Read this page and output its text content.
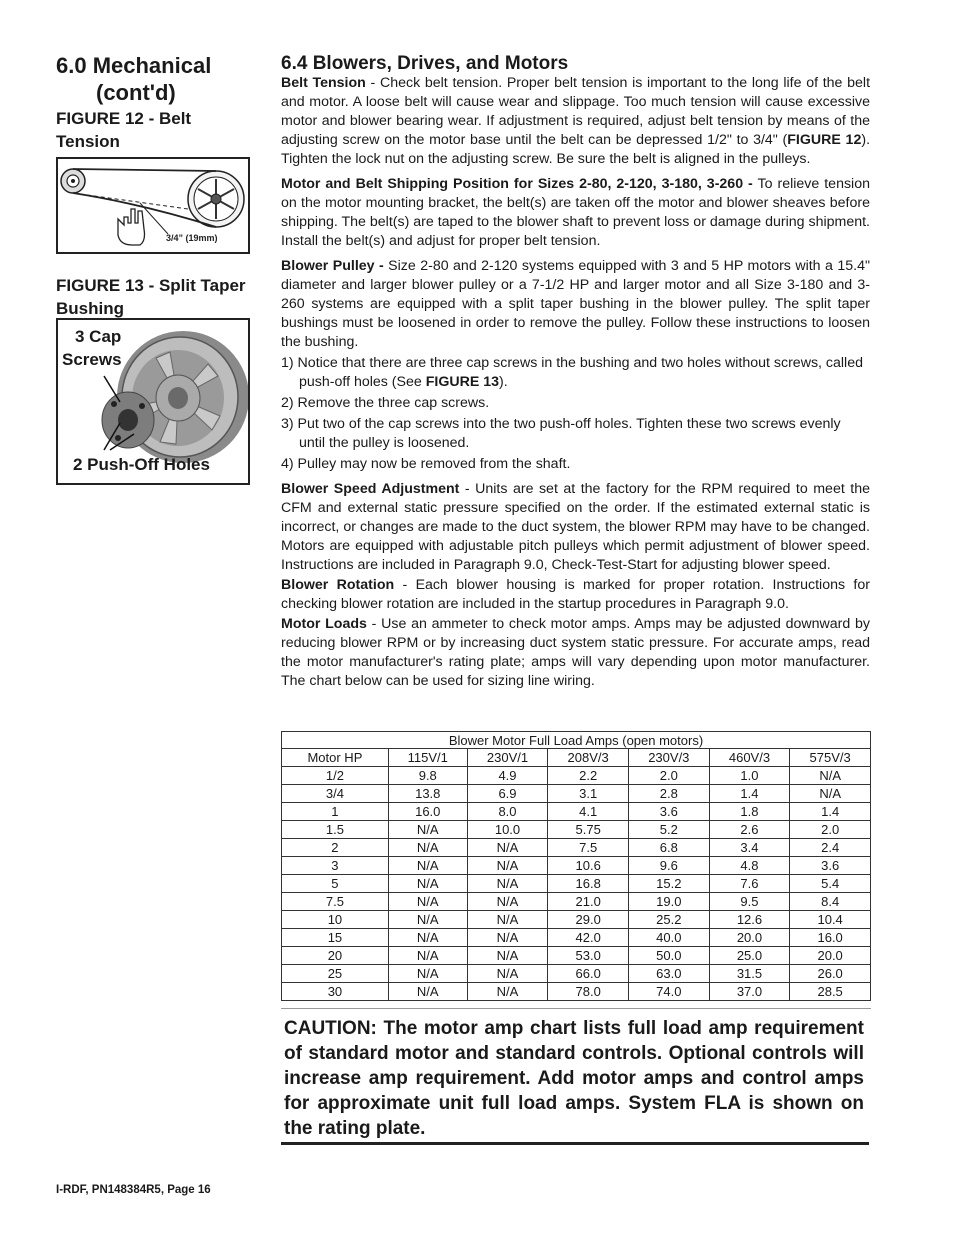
6.0 Mechanical
(cont'd)
FIGURE 12 - Belt Tension
3/4” (19mm)
FIGURE 13 - Split Taper Bushing
3 Cap
Screws
2 Push-Off Holes
6.4 Blowers, Drives, and Motors

Belt Tension - Check belt tension. Proper belt tension is important to the long life of the belt and motor. A loose belt will cause wear and slippage. Too much tension will cause excessive motor and blower bearing wear. If adjustment is required, adjust belt tension by means of the adjusting screw on the motor base until the belt can be depressed 1/2" to 3/4" (FIGURE 12). Tighten the lock nut on the adjusting screw. Be sure the belt is aligned in the pulleys.

Motor and Belt Shipping Position for Sizes 2-80, 2-120, 3-180, 3-260 - To relieve tension on the motor mounting bracket, the belt(s) are taken off the motor and blower sheaves before shipping. The belt(s) are taped to the blower shaft to prevent loss or damage during shipment. Install the belt(s) and adjust for proper belt tension.

Blower Pulley - Size 2-80 and 2-120 systems equipped with 3 and 5 HP motors with a 15.4" diameter and larger blower pulley or a 7-1/2 HP and larger motor and all Size 3-180 and 3-260 systems are equipped with a split taper bushing in the blower pulley. The split taper bushings must be loosened in order to remove the pulley. Follow these instructions to loosen the bushing.

1) Notice that there are three cap screws in the bushing and two holes without screws, called push-off holes (See FIGURE 13).
2) Remove the three cap screws.
3) Put two of the cap screws into the two push-off holes. Tighten these two screws evenly until the pulley is loosened.
4) Pulley may now be removed from the shaft.

Blower Speed Adjustment - Units are set at the factory for the RPM required to meet the CFM and external static pressure specified on the order. If the estimated external static is incorrect, or changes are made to the duct system, the blower RPM may have to be changed. Motors are equipped with adjustable pitch pulleys which permit adjustment of blower speed. Instructions are included in Paragraph 9.0, Check-Test-Start for adjusting blower speed.

Blower Rotation - Each blower housing is marked for proper rotation. Instructions for checking blower rotation are included in the startup procedures in Paragraph 9.0.

Motor Loads - Use an ammeter to check motor amps. Amps may be adjusted downward by reducing blower RPM or by increasing duct system static pressure. For accurate amps, read the motor manufacturer's rating plate; amps will vary depending upon motor manufacturer. The chart below can be used for sizing line wiring.

Blower Motor Full Load Amps (open motors)						
Motor HP	115V/1	230V/1	208V/3	230V/3	460V/3	575V/3
1/2	9.8	4.9	2.2	2.0	1.0	N/A
3/4	13.8	6.9	3.1	2.8	1.4	N/A
1	16.0	8.0	4.1	3.6	1.8	1.4
1.5	N/A	10.0	5.75	5.2	2.6	2.0
2	N/A	N/A	7.5	6.8	3.4	2.4
3	N/A	N/A	10.6	9.6	4.8	3.6
5	N/A	N/A	16.8	15.2	7.6	5.4
7.5	N/A	N/A	21.0	19.0	9.5	8.4
10	N/A	N/A	29.0	25.2	12.6	10.4
15	N/A	N/A	42.0	40.0	20.0	16.0
20	N/A	N/A	53.0	50.0	25.0	20.0
25	N/A	N/A	66.0	63.0	31.5	26.0
30	N/A	N/A	78.0	74.0	37.0	28.5
CAUTION: The motor amp chart lists full load amp requirement of standard motor and standard controls. Optional controls will increase amp requirement. Add motor amps and control amps for approximate unit full load amps. System FLA is shown on the rating plate.
I-RDF, PN148384R5, Page 16
